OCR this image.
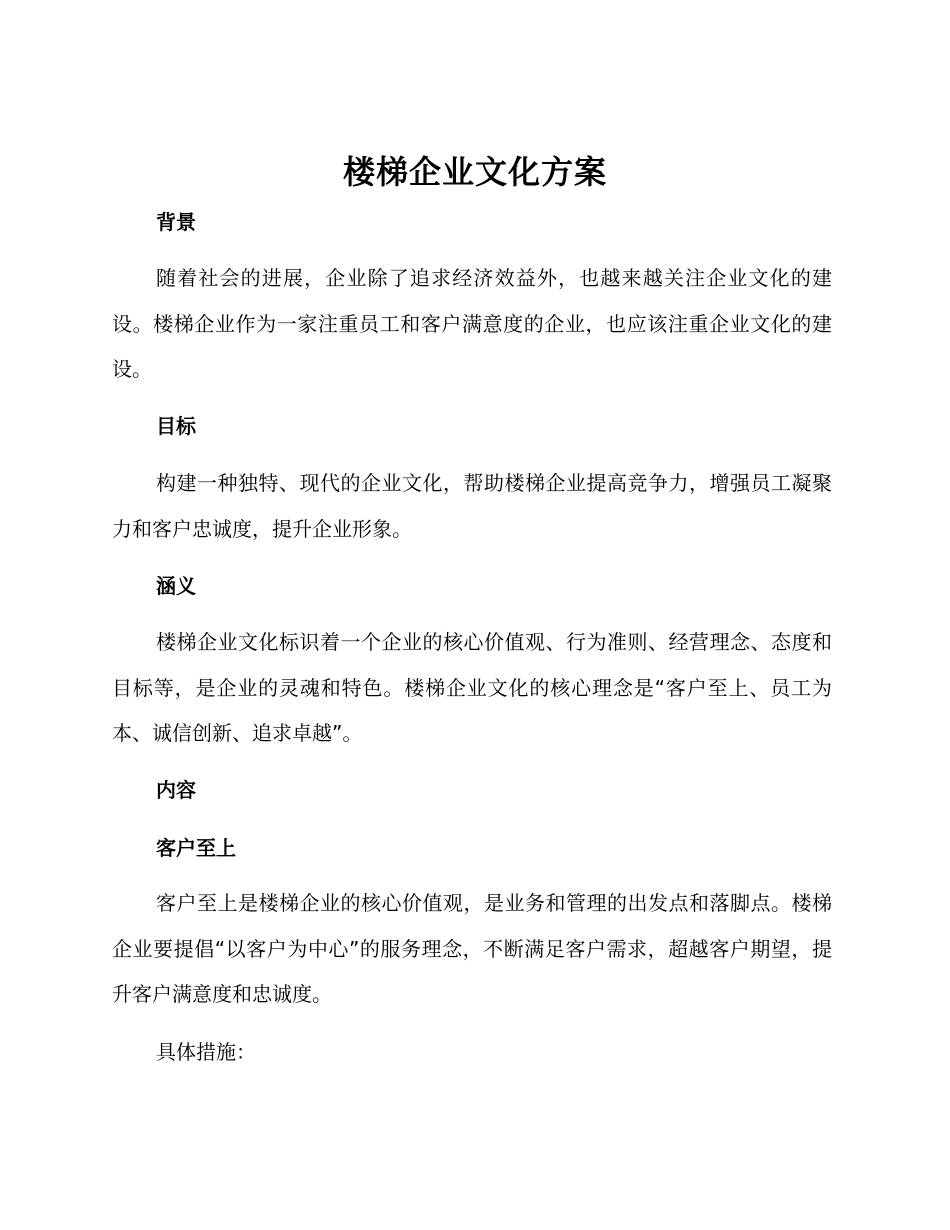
楼梯企业文化方案
背景

随着社会的进展，企业除了追求经济效益外，也越来越关注企业文化的建设。楼梯企业作为一家注重员工和客户满意度的企业，也应该注重企业文化的建设。

目标

构建一种独特、现代的企业文化，帮助楼梯企业提高竞争力，增强员工凝聚力和客户忠诚度，提升企业形象。

涵义

楼梯企业文化标识着一个企业的核心价值观、行为准则、经营理念、态度和目标等，是企业的灵魂和特色。楼梯企业文化的核心理念是“客户至上、员工为本、诚信创新、追求卓越”。

内容
客户至上

客户至上是楼梯企业的核心价值观，是业务和管理的出发点和落脚点。楼梯企业要提倡“以客户为中心”的服务理念，不断满足客户需求，超越客户期望，提升客户满意度和忠诚度。

具体措施：
